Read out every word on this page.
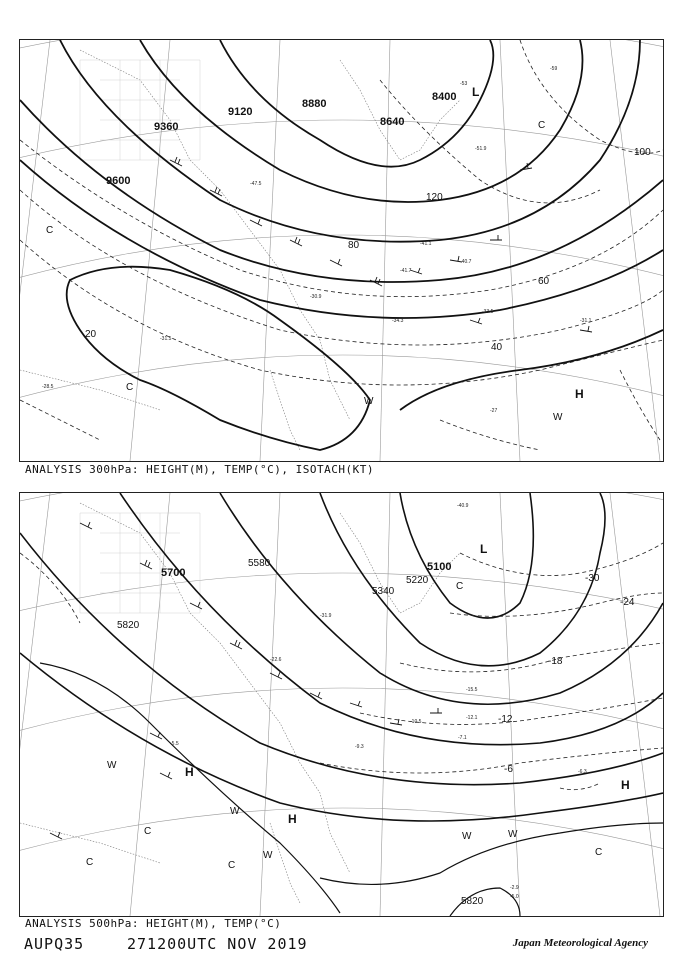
9120
8880
8640
8400
9360
9600
20
40
60
80
100
120
-59
-53
-51.9
-47.5
-41.7
-41.1
-40.7
-33.5
-34.3	-31.1
-30.9
-31.5
-28.5
-27
L
H
W
W
C
C
C
ANALYSIS 300hPa: HEIGHT(M), TEMP(°C), ISOTACH(KT)
5100
5700
5580
5820
5820
5340
5220	-30
-24
-18
-12
-6
-40.9
-31.9
-22.6
-15.5
-12.1
-7.1
-6.3
-2.9
-5.0
-5.5	-9.3
-10.5
L
H
H
H
W
W
W
W	W
C	C
C
C
C
ANALYSIS 500hPa: HEIGHT(M), TEMP(°C)
AUPQ35	271200UTC NOV 2019	Japan Meteorological Agency
